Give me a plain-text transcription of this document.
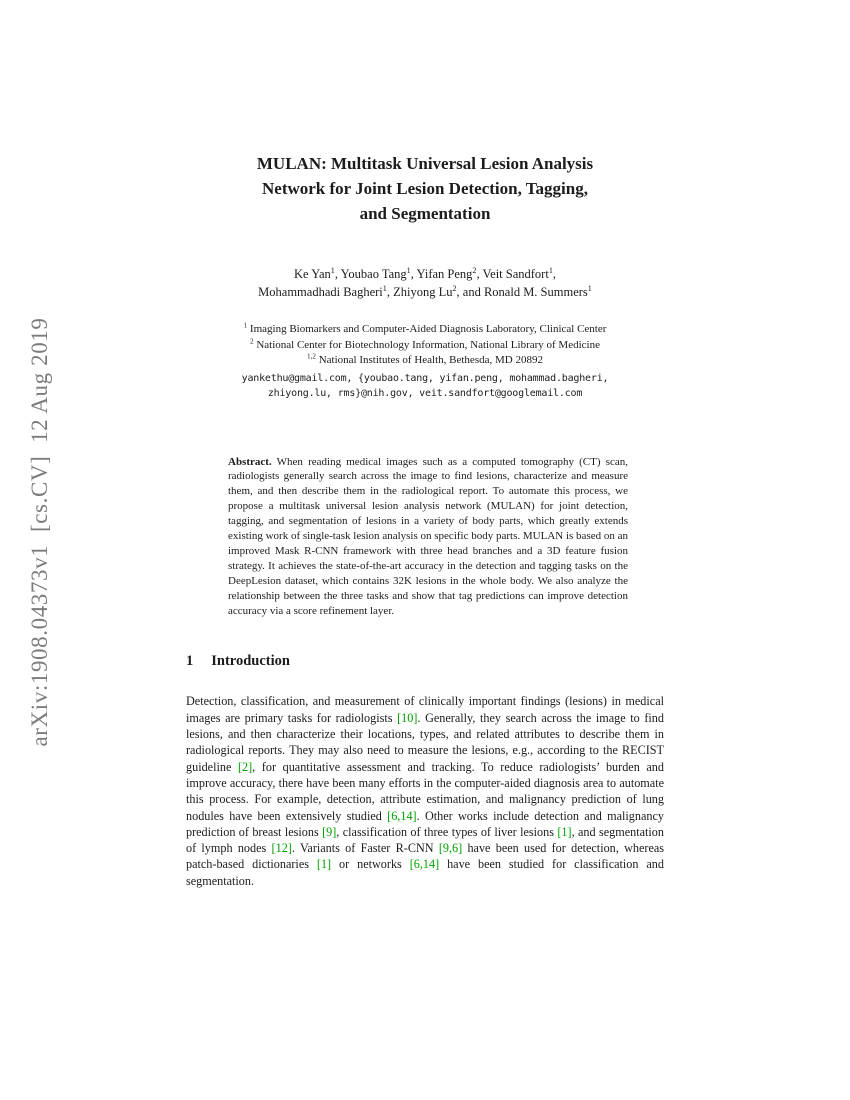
arXiv:1908.04373v1  [cs.CV]  12 Aug 2019
MULAN: Multitask Universal Lesion Analysis
Network for Joint Lesion Detection, Tagging,
and Segmentation
Ke Yan$^1$, Youbao Tang$^1$, Yifan Peng$^2$, Veit Sandfort$^1$,
Mohammadhadi Bagheri$^1$, Zhiyong Lu$^2$, and Ronald M. Summers$^1$
$^1$ Imaging Biomarkers and Computer-Aided Diagnosis Laboratory, Clinical Center
$^2$ National Center for Biotechnology Information, National Library of Medicine
$^{1,2}$ National Institutes of Health, Bethesda, MD 20892
yankethu@gmail.com, {youbao.tang, yifan.peng, mohammad.bagheri,
zhiyong.lu, rms}@nih.gov, veit.sandfort@googlemail.com
Abstract. When reading medical images such as a computed tomography (CT) scan, radiologists generally search across the image to find lesions, characterize and measure them, and then describe them in the radiological report. To automate this process, we propose a multitask universal lesion analysis network (MULAN) for joint detection, tagging, and segmentation of lesions in a variety of body parts, which greatly extends existing work of single-task lesion analysis on specific body parts. MULAN is based on an improved Mask R-CNN framework with three head branches and a 3D feature fusion strategy. It achieves the state-of-the-art accuracy in the detection and tagging tasks on the DeepLesion dataset, which contains 32K lesions in the whole body. We also analyze the relationship between the three tasks and show that tag predictions can improve detection accuracy via a score refinement layer.
1 Introduction
Detection, classification, and measurement of clinically important findings (lesions) in medical images are primary tasks for radiologists [10]. Generally, they search across the image to find lesions, and then characterize their locations, types, and related attributes to describe them in radiological reports. They may also need to measure the lesions, e.g., according to the RECIST guideline [2], for quantitative assessment and tracking. To reduce radiologists’ burden and improve accuracy, there have been many efforts in the computer-aided diagnosis area to automate this process. For example, detection, attribute estimation, and malignancy prediction of lung nodules have been extensively studied [6,14]. Other works include detection and malignancy prediction of breast lesions [9], classification of three types of liver lesions [1], and segmentation of lymph nodes [12]. Variants of Faster R-CNN [9,6] have been used for detection, whereas patch-based dictionaries [1] or networks [6,14] have been studied for classification and segmentation.
